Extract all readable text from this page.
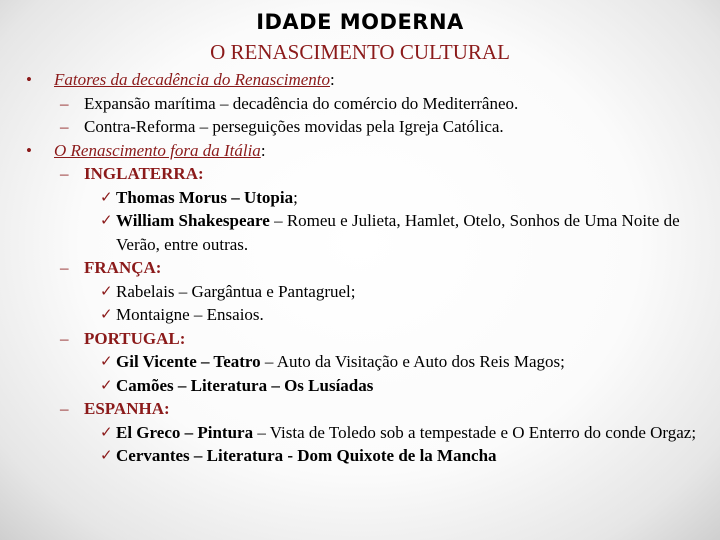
IDADE MODERNA
O RENASCIMENTO CULTURAL
• Fatores da decadência do Renascimento:
– Expansão marítima – decadência do comércio do Mediterrâneo.
– Contra-Reforma – perseguições movidas pela Igreja Católica.
• O Renascimento fora da Itália:
– INGLATERRA:
✓ Thomas Morus – Utopia;
✓ William Shakespeare – Romeu e Julieta, Hamlet, Otelo, Sonhos de Uma Noite de Verão, entre outras.
– FRANÇA:
✓ Rabelais – Gargântua e Pantagruel;
✓ Montaigne – Ensaios.
– PORTUGAL:
✓ Gil Vicente – Teatro – Auto da Visitação e Auto dos Reis Magos;
✓ Camões – Literatura – Os Lusíadas
– ESPANHA:
✓ El Greco – Pintura – Vista de Toledo sob a tempestade e O Enterro do conde Orgaz;
✓ Cervantes – Literatura - Dom Quixote de la Mancha
